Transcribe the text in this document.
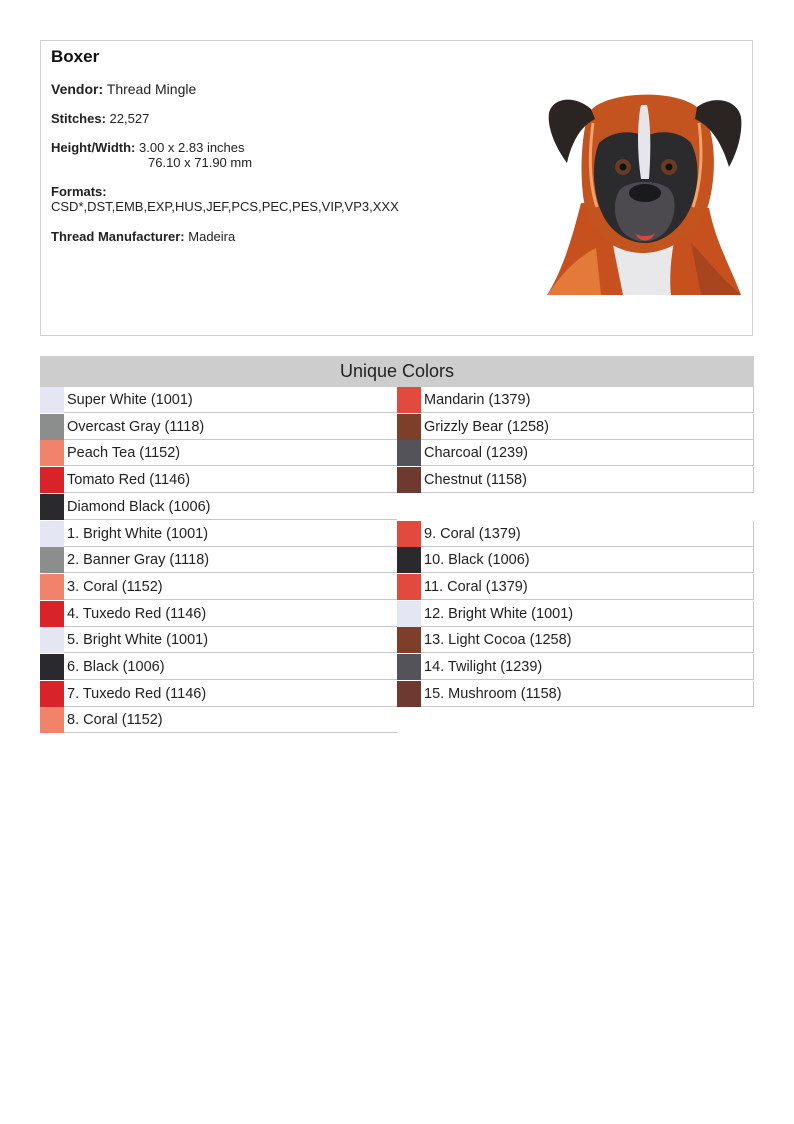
Boxer
Vendor: Thread Mingle
Stitches: 22,527
Height/Width: 3.00 x 2.83 inches
76.10 x 71.90 mm
Formats:
CSD*,DST,EMB,EXP,HUS,JEF,PCS,PEC,PES,VIP,VP3,XXX
Thread Manufacturer: Madeira
Unique Colors
Super White (1001)
Overcast Gray (1118)
Peach Tea (1152)
Tomato Red (1146)
Diamond Black (1006)
Mandarin (1379)
Grizzly Bear (1258)
Charcoal (1239)
Chestnut (1158)
1. Bright White (1001)
2. Banner Gray (1118)
3. Coral (1152)
4. Tuxedo Red (1146)
5. Bright White (1001)
6. Black (1006)
7. Tuxedo Red (1146)
8. Coral (1152)
9. Coral (1379)
10. Black (1006)
11. Coral (1379)
12. Bright White (1001)
13. Light Cocoa (1258)
14. Twilight (1239)
15. Mushroom (1158)
